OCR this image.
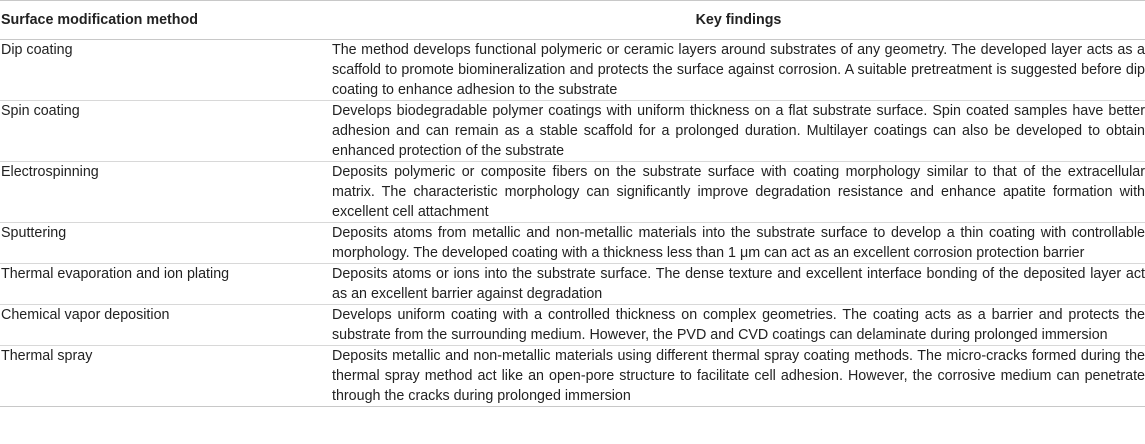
Surface modification method	Key findings
Dip coating	The method develops functional polymeric or ceramic layers around substrates of any geometry. The developed layer acts as a scaffold to promote biomineralization and protects the surface against corrosion. A suitable pretreatment is suggested before dip coating to enhance adhesion to the substrate
Spin coating	Develops biodegradable polymer coatings with uniform thickness on a flat substrate surface. Spin coated samples have better adhesion and can remain as a stable scaffold for a prolonged duration. Multilayer coatings can also be developed to obtain enhanced protection of the substrate
Electrospinning	Deposits polymeric or composite fibers on the substrate surface with coating morphology similar to that of the extracellular matrix. The characteristic morphology can significantly improve degradation resistance and enhance apatite formation with excellent cell attachment
Sputtering	Deposits atoms from metallic and non-metallic materials into the substrate surface to develop a thin coating with controllable morphology. The developed coating with a thickness less than 1 μm can act as an excellent corrosion protection barrier
Thermal evaporation and ion plating	Deposits atoms or ions into the substrate surface. The dense texture and excellent interface bonding of the deposited layer act as an excellent barrier against degradation
Chemical vapor deposition	Develops uniform coating with a controlled thickness on complex geometries. The coating acts as a barrier and protects the substrate from the surrounding medium. However, the PVD and CVD coatings can delaminate during prolonged immersion
Thermal spray	Deposits metallic and non-metallic materials using different thermal spray coating methods. The micro-cracks formed during the thermal spray method act like an open-pore structure to facilitate cell adhesion. However, the corrosive medium can penetrate through the cracks during prolonged immersion
